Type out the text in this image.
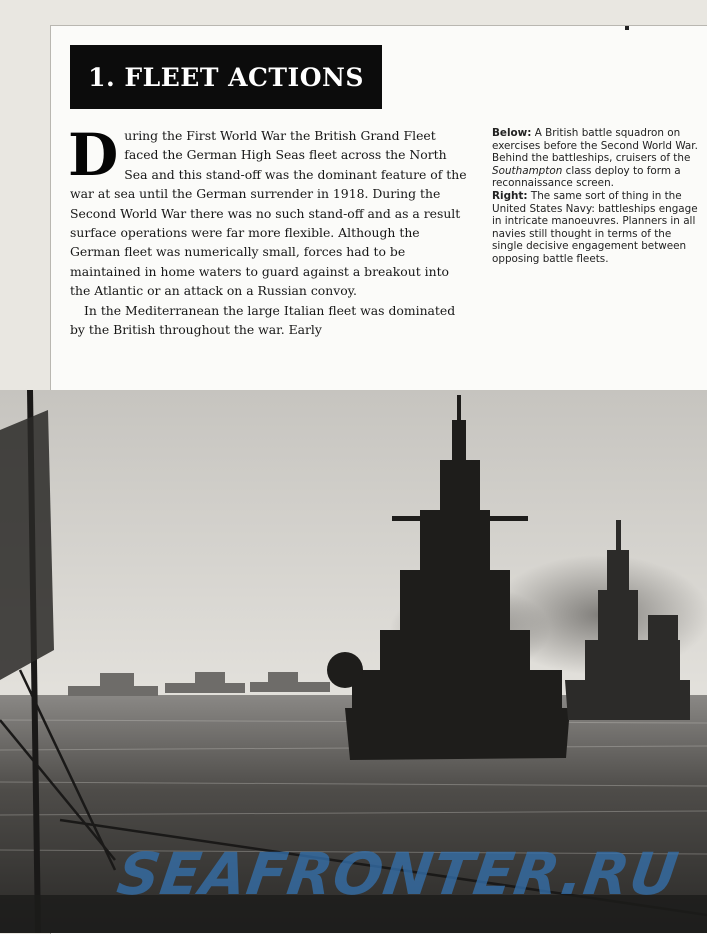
1. FLEET ACTIONS

During the First World War the British Grand Fleet faced the German High Seas fleet across the North Sea and this stand-off was the dominant feature of the war at sea until the German surrender in 1918. During the Second World War there was no such stand-off and as a result surface operations were far more flexible. Although the German fleet was numerically small, forces had to be maintained in home waters to guard against a breakout into the Atlantic or an attack on a Russian convoy.

In the Mediterranean the large Italian fleet was dominated by the British throughout the war. Early

Below: A British battle squadron on exercises before the Second World War. Behind the battleships, cruisers of the Southampton class deploy to form a reconnaissance screen.

Right: The same sort of thing in the United States Navy: battleships engage in intricate manoeuvres. Planners in all navies still thought in terms of the single decisive engagement between opposing battle fleets.

SEAFRONTER.RU
